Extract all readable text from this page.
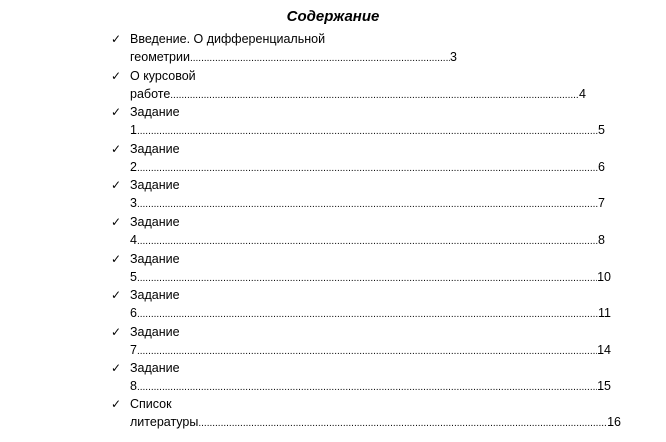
Содержание
✓ Введение. О дифференциальной
геометрии .....	3
✓ О курсовой
работе .....	4
✓ Задание
1 .....	5
✓ Задание
2 .....	6
✓ Задание
3 .....	7
✓ Задание
4 .....	8
✓ Задание
5 .....	10
✓ Задание
6 .....	11
✓ Задание
7 .....	14
✓ Задание
8 .....	15
✓ Список
литературы .....	16
